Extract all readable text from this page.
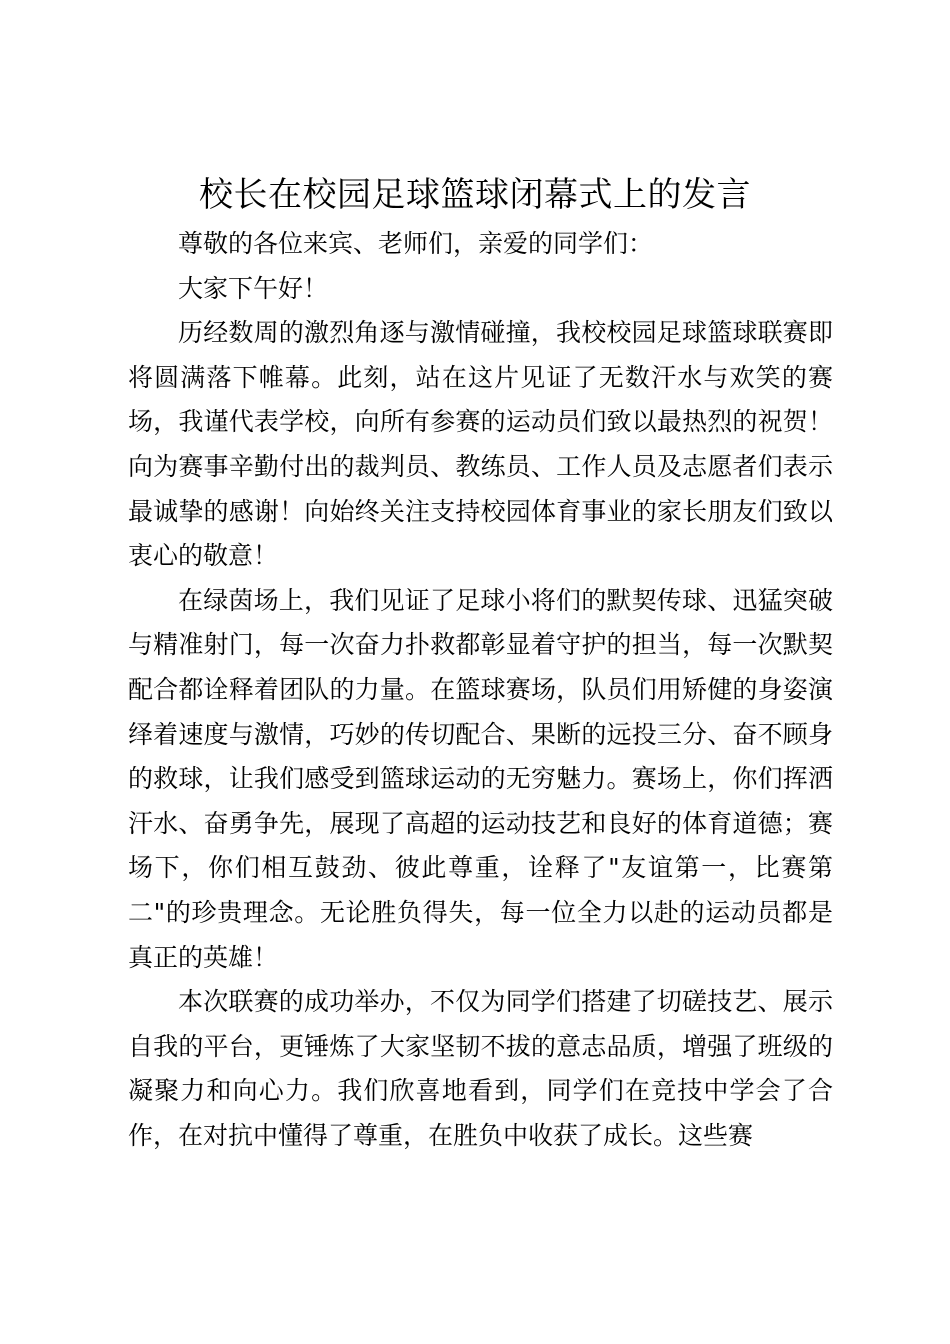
校长在校园足球篮球闭幕式上的发言

尊敬的各位来宾、老师们，亲爱的同学们：

大家下午好！

历经数周的激烈角逐与激情碰撞，我校校园足球篮球联赛即将圆满落下帷幕。此刻，站在这片见证了无数汗水与欢笑的赛场，我谨代表学校，向所有参赛的运动员们致以最热烈的祝贺！向为赛事辛勤付出的裁判员、教练员、工作人员及志愿者们表示最诚挚的感谢！向始终关注支持校园体育事业的家长朋友们致以衷心的敬意！

在绿茵场上，我们见证了足球小将们的默契传球、迅猛突破与精准射门，每一次奋力扑救都彰显着守护的担当，每一次默契配合都诠释着团队的力量。在篮球赛场，队员们用矫健的身姿演绎着速度与激情，巧妙的传切配合、果断的远投三分、奋不顾身的救球，让我们感受到篮球运动的无穷魅力。赛场上，你们挥洒汗水、奋勇争先，展现了高超的运动技艺和良好的体育道德；赛场下，你们相互鼓劲、彼此尊重，诠释了"友谊第一，比赛第二"的珍贵理念。无论胜负得失，每一位全力以赴的运动员都是真正的英雄！

本次联赛的成功举办，不仅为同学们搭建了切磋技艺、展示自我的平台，更锤炼了大家坚韧不拔的意志品质，增强了班级的凝聚力和向心力。我们欣喜地看到，同学们在竞技中学会了合作，在对抗中懂得了尊重，在胜负中收获了成长。这些赛
